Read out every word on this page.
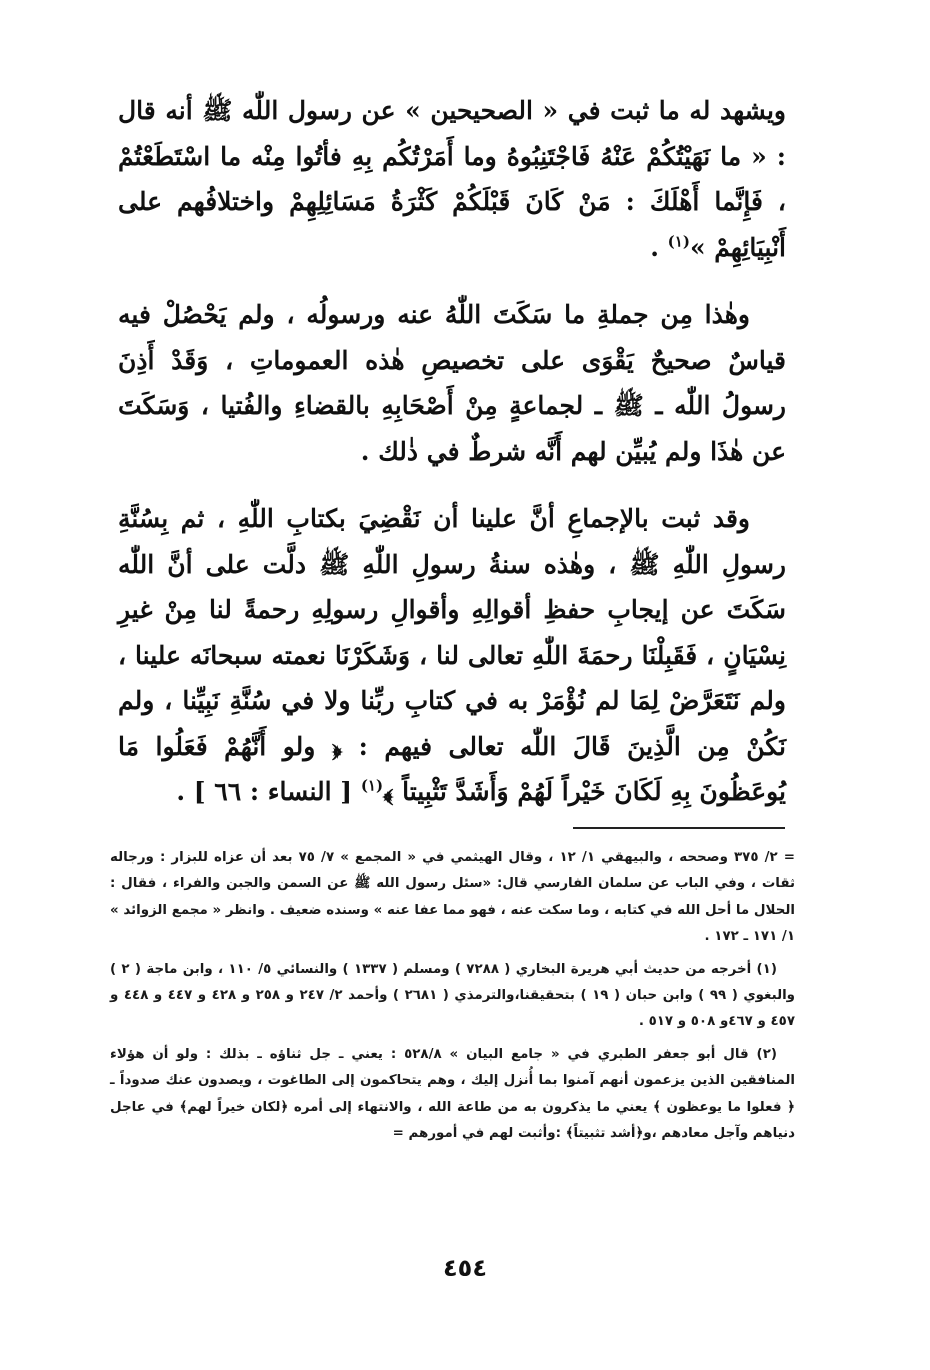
ويشهد له ما ثبت في « الصحيحين » عن رسول اللّٰه ﷺ أنه قال : « ما نَهَيْتُكُمْ عَنْهُ فَاجْتَنِبُوهُ وما أَمَرْتُكُم بِهِ فأتُوا مِنْه ما اسْتَطَعْتُمْ ، فَإِنَّما أَهْلَكَ : مَنْ كَانَ قَبْلَكُمْ كَثْرَةُ مَسَائِلِهِمْ واختلافُهم على أَنْبِيَائِهِمْ »$^{(١)}$ .

وهٰذا مِن جملةِ ما سَكَتَ اللّٰهُ عنه ورسولُه ، ولم يَحْصُلْ فيه قياسٌ صحيحٌ يَقْوَى على تخصيصِ هٰذه العموماتِ ، وَقَدْ أَذِنَ رسولُ اللّٰه ـ ﷺ ـ لجماعةٍ مِنْ أَصْحَابِهِ بالقضاءِ والفُتيا ، وَسَكَتَ عن هٰذَا ولم يُبيِّن لهم أَنَّه شرطٌ في ذٰلك .

وقد ثبت بالإجماعِ أنَّ علينا أن نَقْضِيَ بكتابِ اللّٰهِ ، ثم بِسُنَّةِ رسولِ اللّٰهِ ﷺ ، وهٰذه سنةُ رسولِ اللّٰهِ ﷺ دلَّت على أنَّ اللّٰه سَكَتَ عن إيجابِ حفظِ أقوالِهِ وأقوالِ رسولِهِ رحمةً لنا مِنْ غيرِ نِسْيَانٍ ، فَقَبِلْنَا رحمَةَ اللّٰهِ تعالى لنا ، وَشَكَرْنَا نعمته سبحانَه علينا ، ولم نَتَعَرَّضْ لِمَا لم نُؤْمَرْ به في كتابِ ربِّنا ولا في سُنَّةِ نَبِيِّنا ، ولم نَكُنْ مِن الَّذِينَ قَالَ اللّٰه تعالى فيهم : ﴿ ولو أَنَّهُمْ فَعَلُوا مَا يُوعَظُونَ بِهِ لَكَانَ خَيْراً لَهُمْ وَأَشَدَّ تَثْبِيتاً ﴾$^{(١)}$ [ النساء : ٦٦ ] .

= ٢/ ٣٧٥ وصححه ، والبيهقي ١/ ١٢ ، وقال الهيثمي في « المجمع » ٧/ ٧٥ بعد أن عزاه للبزار : ورجاله ثقات ، وفي الباب عن سلمان الفارسي قال: «سئل رسول الله ﷺ عن السمن والجبن والفراء ، فقال : الحلال ما أحل الله في كتابه ، وما سكت عنه ، فهو مما عفا عنه » وسنده ضعيف . وانظر « مجمع الزوائد » ١/ ١٧١ ـ ١٧٢ .

(١) أخرجه من حديث أبي هريرة البخاري ( ٧٢٨٨ ) ومسلم ( ١٣٣٧ ) والنسائي ٥/ ١١٠ ، وابن ماجة ( ٢ ) والبغوي ( ٩٩ ) وابن حبان ( ١٩ ) بتحقيقنا،والترمذي ( ٢٦٨١ ) وأحمد ٢/ ٢٤٧ و ٢٥٨ و ٤٢٨ و ٤٤٧ و ٤٤٨ و ٤٥٧ و ٤٦٧و ٥٠٨ و ٥١٧ .

(٢) قال أبو جعفر الطبري في « جامع البيان » ٥٢٨/٨ : يعني ـ جل ثناؤه ـ بذلك : ولو أن هؤلاء المنافقين الذين يزعمون أنهم آمنوا بما أُنزل إليك ، وهم يتحاكمون إلى الطاغوت ، ويصدون عنك صدوداً ـ ﴿ فعلوا ما يوعظون ﴾ يعني ما يذكرون به من طاعة الله ، والانتهاء إلى أمره ﴿لكان خيراً لهم﴾ في عاجل دنياهم وآجل معادهم ،و﴿أشد تثبيتاً﴾ :وأثبت لهم في أمورهم =

٤٥٤
